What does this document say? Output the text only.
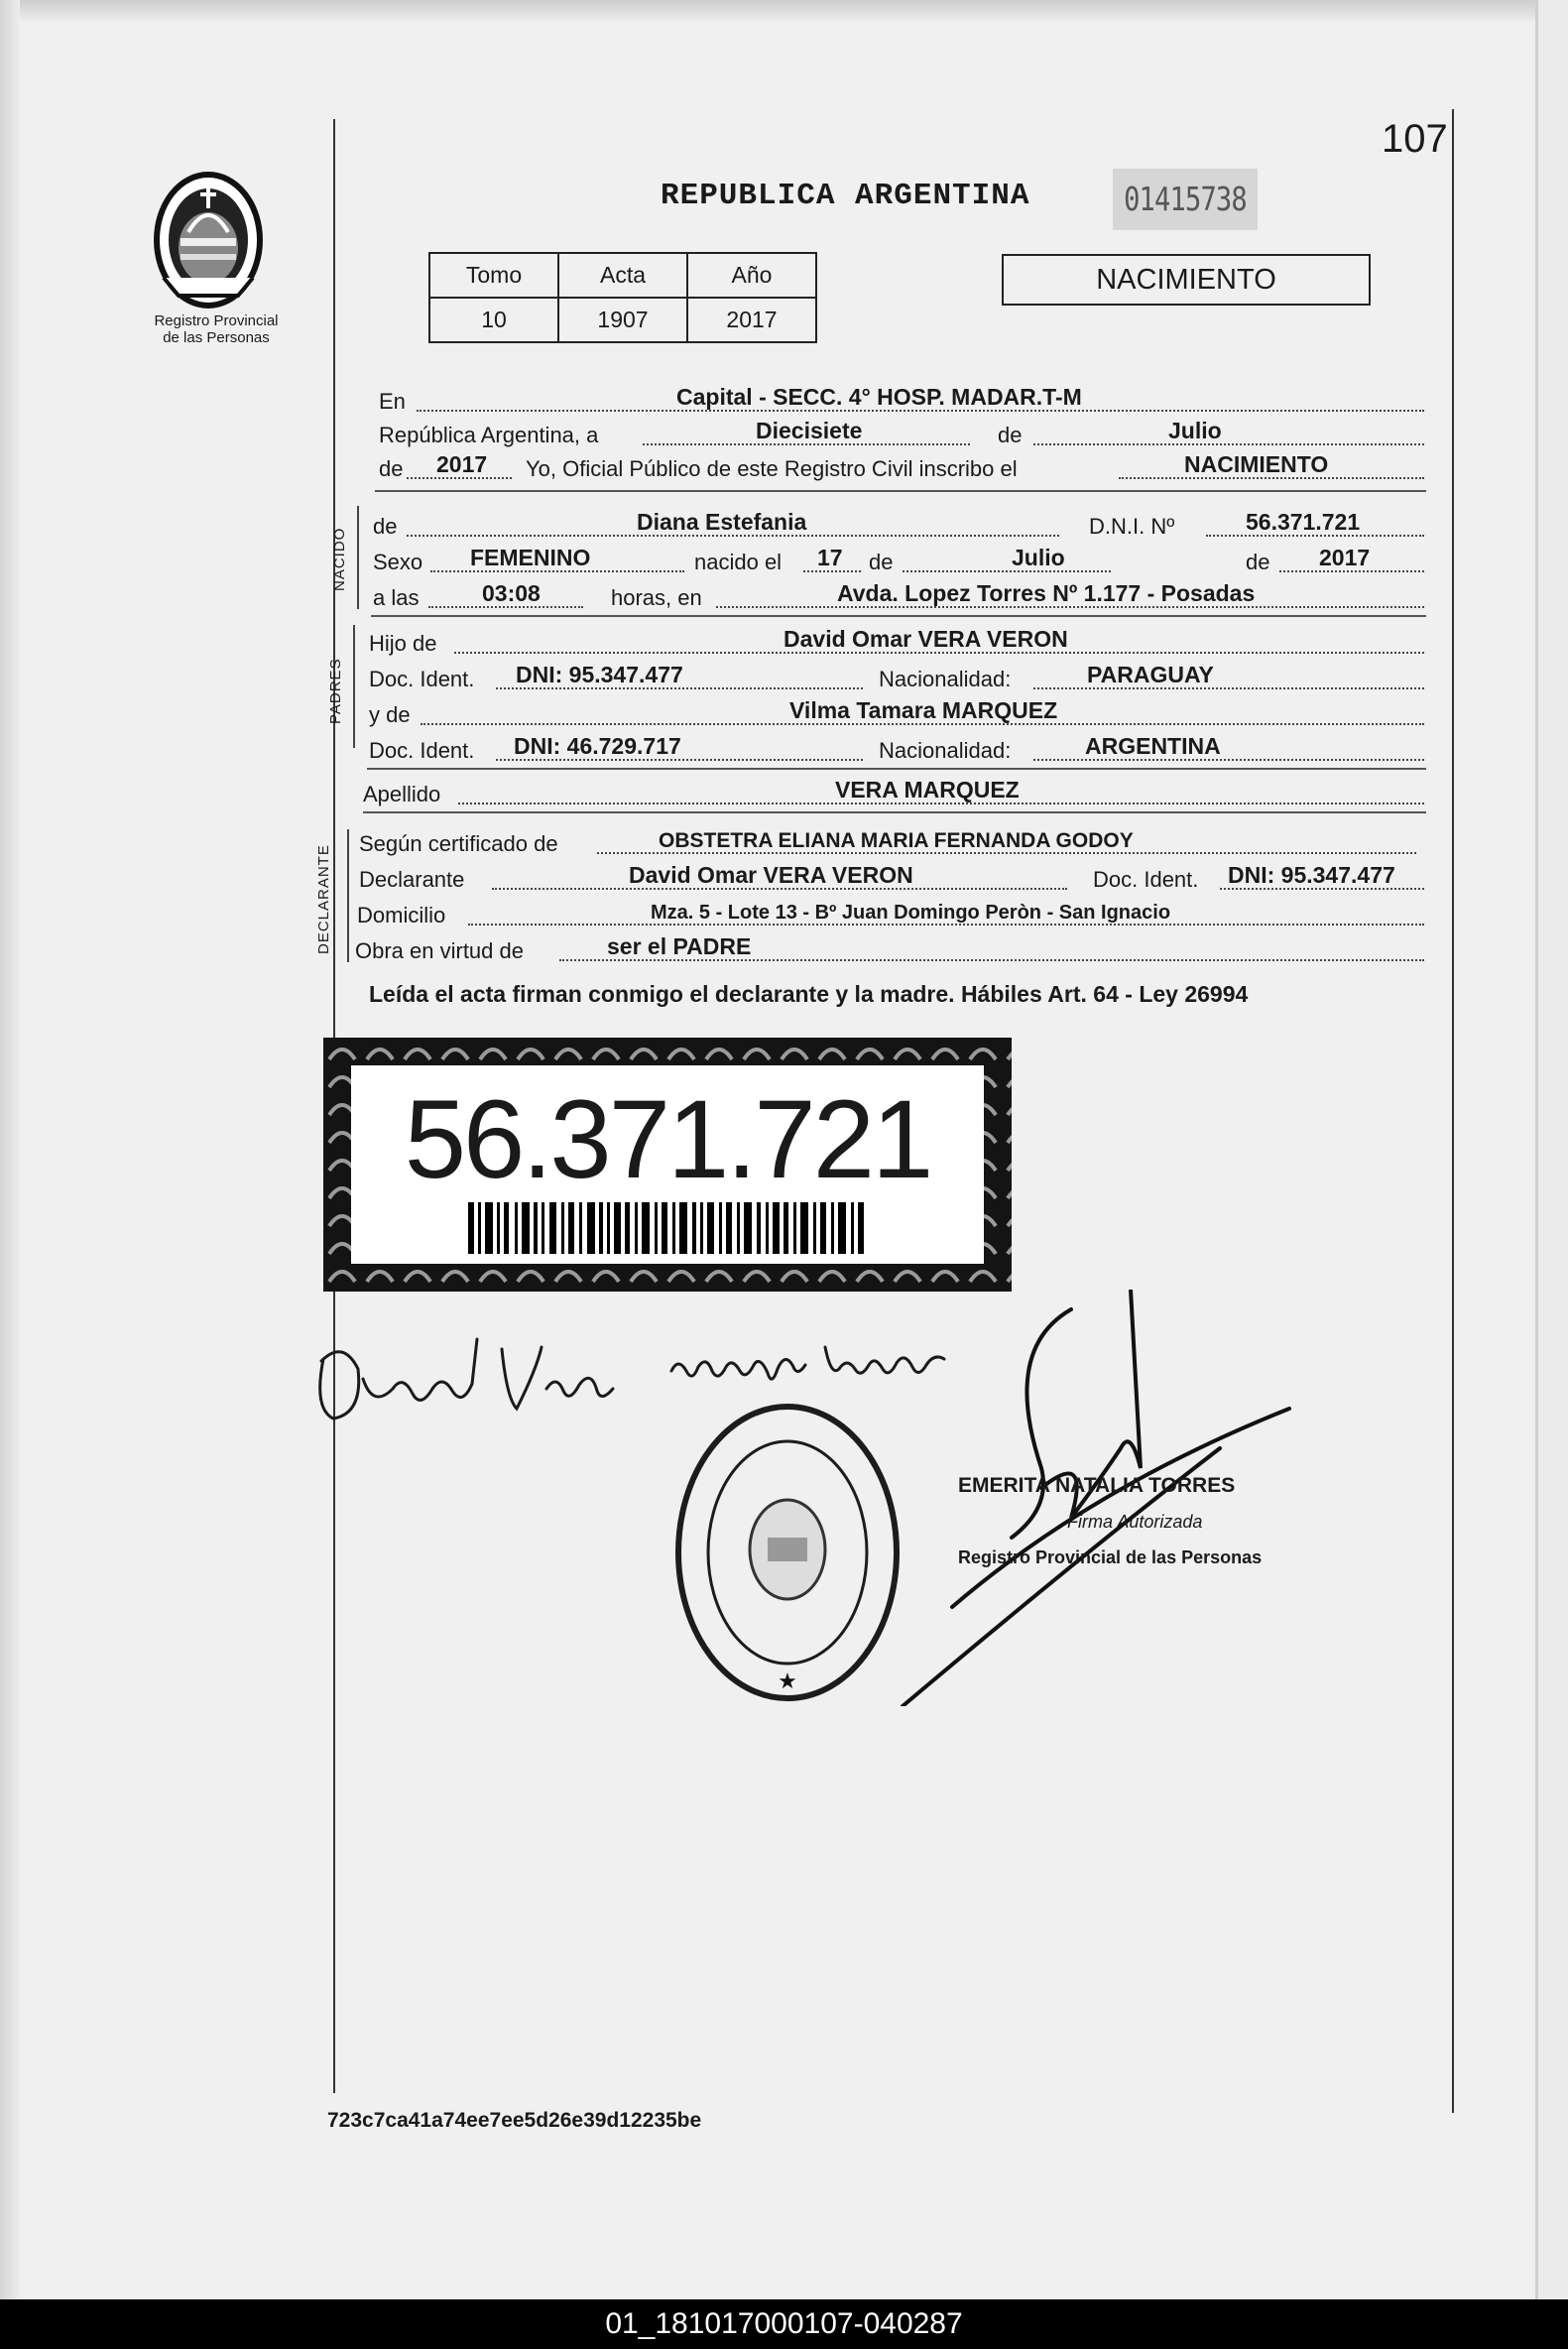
107
Registro Provincial
de las Personas
REPUBLICA ARGENTINA	01415738
Tomo	Acta	Año
10	1907	2017
NACIMIENTO
En	Capital - SECC. 4° HOSP. MADAR.T-M
República Argentina, a	Diecisiete	de	Julio
de 2017 Yo, Oficial Público de este Registro Civil inscribo el	NACIMIENTO
NACIDO
de	Diana Estefania	D.N.I. Nº	56.371.721
Sexo FEMENINO	nacido el 17 de	Julio	de 2017
a las	03:08	horas, en	Avda. Lopez Torres Nº 1.177 - Posadas
PADRES
Hijo de	David Omar VERA VERON
Doc. Ident. DNI: 95.347.477	Nacionalidad:	PARAGUAY
y de	Vilma Tamara MARQUEZ
Doc. Ident. DNI: 46.729.717	Nacionalidad:	ARGENTINA
Apellido	VERA MARQUEZ
DECLARANTE
Según certificado de	OBSTETRA ELIANA MARIA FERNANDA GODOY
Declarante	David Omar VERA VERON	Doc. Ident. DNI: 95.347.477
Domicilio	Mza. 5 - Lote 13 - Bº Juan Domingo Peròn - San Ignacio
Obra en virtud de	ser el PADRE
Leída el acta firman conmigo el declarante y la madre. Hábiles Art. 64 - Ley 26994
56.371.721
★
EMERITA NATALIA TORRES
Firma Autorizada
Registro Provincial de las Personas
723c7ca41a74ee7ee5d26e39d12235be
01_181017000107-040287
